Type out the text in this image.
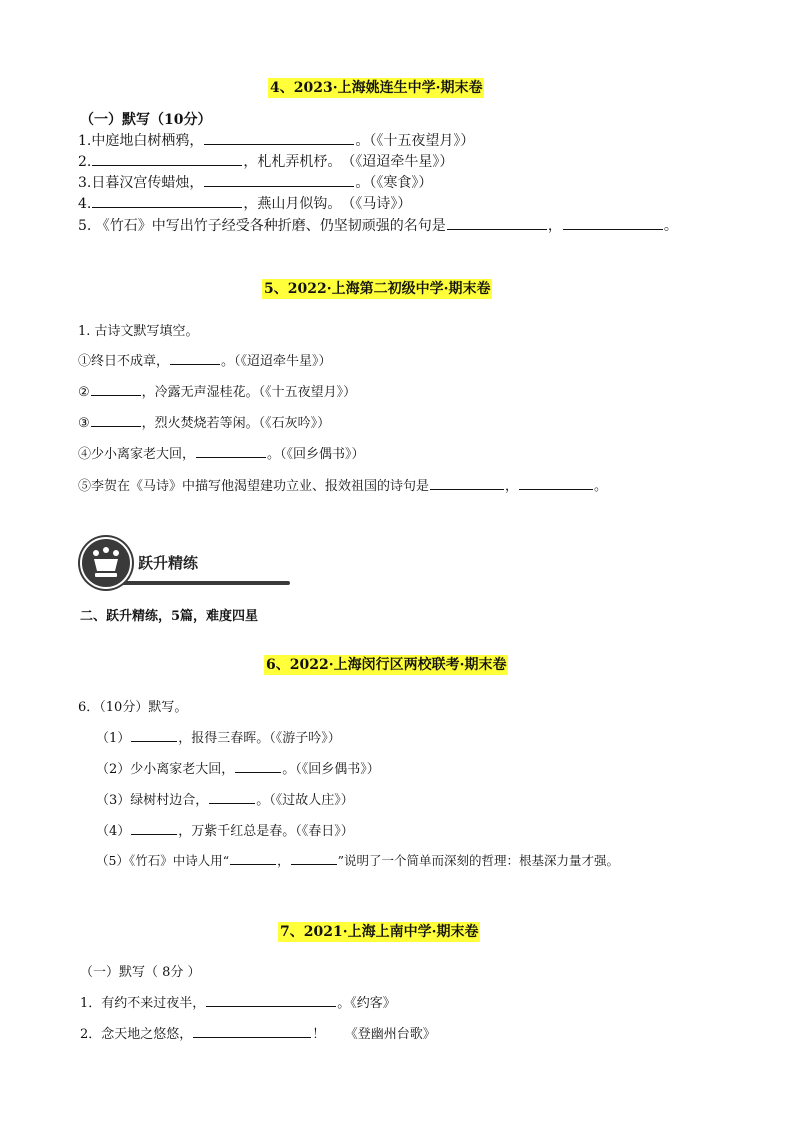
4、2023·上海姚连生中学·期末卷
（一）默写（10分）
1.中庭地白树栖鸦，	。（《十五夜望月》）
2.	，札札弄机杼。　（《迢迢牵牛星》）
3.日暮汉宫传蜡烛，	。（《寒食》）
4.	，燕山月似钩。　（《马诗》）
5. 《竹石》中写出竹子经受各种折磨、仍坚韧顽强的名句是	，	。
5、2022·上海第二初级中学·期末卷
1. 古诗文默写填空。
①终日不成章，	。（《迢迢牵牛星》）
②	，冷露无声湿桂花。（《十五夜望月》）
③	，烈火焚烧若等闲。（《石灰吟》）
④少小离家老大回，	。（《回乡偶书》）
⑤李贺在《马诗》中描写他渴望建功立业、报效祖国的诗句是	，	。
跃升精练
二、跃升精练，5篇，难度四星
6、2022·上海闵行区两校联考·期末卷
6．（10分）默写。
（1）	，报得三春晖。（《游子吟》）
（2）少小离家老大回，	。（《回乡偶书》）
（3）绿树村边合，	。（《过故人庄》）
（4）	，万紫千红总是春。（《春日》）
（5）《竹石》中诗人用“	，	”说明了一个简单而深刻的哲理：根基深力量才强。
7、2021·上海上南中学·期末卷
（一）默写（ 8分 ）
1．有约不来过夜半，	。《约客》
2．念天地之悠悠，	！　　《登幽州台歌》
